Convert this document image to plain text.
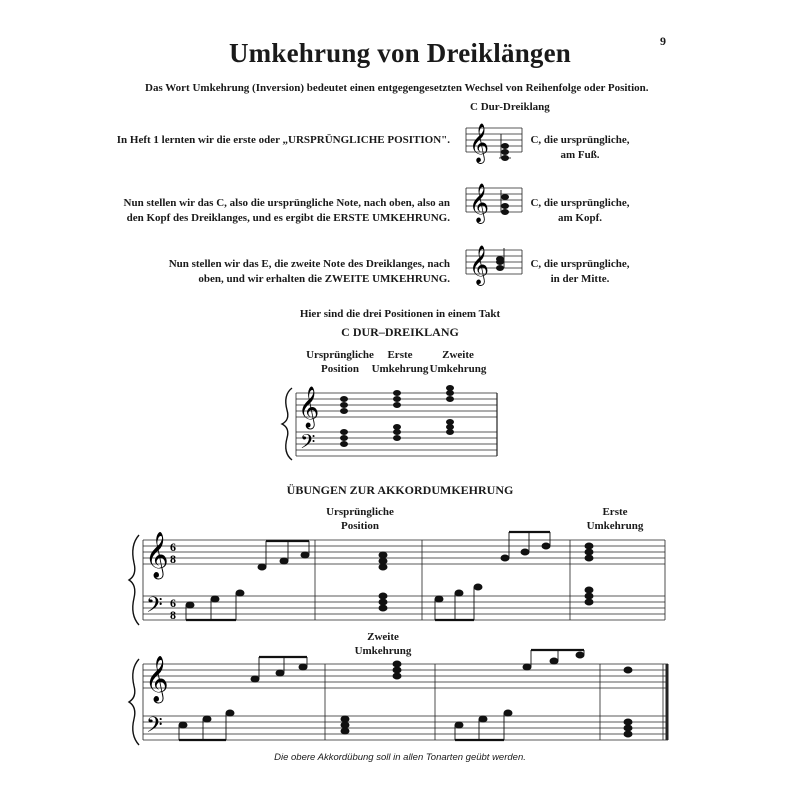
Umkehrung von Dreiklängen	9
Das Wort Umkehrung (Inversion) bedeutet einen entgegengesetzten Wechsel von Reihenfolge oder Position.
C Dur-Dreiklang
In Heft 1 lernten wir die erste oder „URSPRÜNGLICHE POSITION".	C, die ursprüngliche,
am Fuß.
Nun stellen wir das C, also die ursprüngliche Note, nach oben, also an
den Kopf des Dreiklanges, und es ergibt die ERSTE UMKEHRUNG.
C, die ursprüngliche,
am Kopf.
Nun stellen wir das E, die zweite Note des Dreiklanges, nach
oben, und wir erhalten die ZWEITE UMKEHRUNG.
C, die ursprüngliche,
in der Mitte.
𝄞
𝄞
𝄞
Hier sind die drei Positionen in einem Takt
C DUR–DREIKLANG
Ursprüngliche
Position
Erste
Umkehrung
Zweite
Umkehrung
𝄞
𝄢
ÜBUNGEN ZUR AKKORDUMKEHRUNG
Ursprüngliche
Position
Erste
Umkehrung
Zweite
Umkehrung
𝄞
𝄢
6
8
6
8
𝄞
𝄢
Die obere Akkordübung soll in allen Tonarten geübt werden.
